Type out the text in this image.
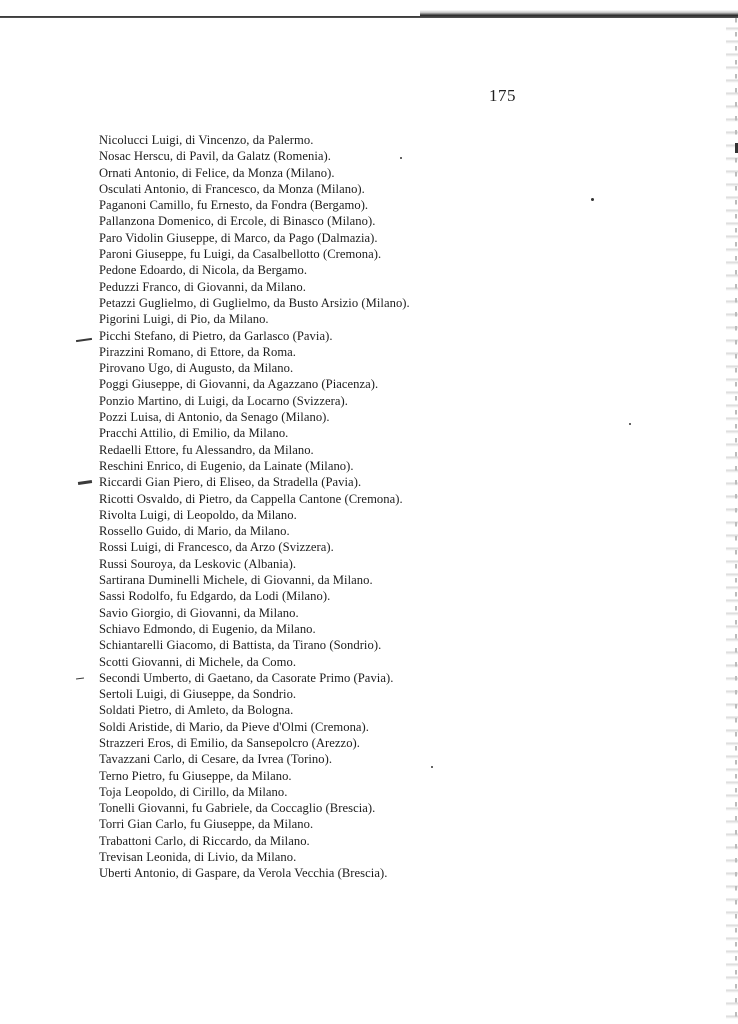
175
Nicolucci Luigi, di Vincenzo, da Palermo.
Nosac Herscu, di Pavil, da Galatz (Romenia).
Ornati Antonio, di Felice, da Monza (Milano).
Osculati Antonio, di Francesco, da Monza (Milano).
Paganoni Camillo, fu Ernesto, da Fondra (Bergamo).
Pallanzona Domenico, di Ercole, di Binasco (Milano).
Paro Vidolin Giuseppe, di Marco, da Pago (Dalmazia).
Paroni Giuseppe, fu Luigi, da Casalbellotto (Cremona).
Pedone Edoardo, di Nicola, da Bergamo.
Peduzzi Franco, di Giovanni, da Milano.
Petazzi Guglielmo, di Guglielmo, da Busto Arsizio (Milano).
Pigorini Luigi, di Pio, da Milano.
Picchi Stefano, di Pietro, da Garlasco (Pavia).
Pirazzini Romano, di Ettore, da Roma.
Pirovano Ugo, di Augusto, da Milano.
Poggi Giuseppe, di Giovanni, da Agazzano (Piacenza).
Ponzio Martino, di Luigi, da Locarno (Svizzera).
Pozzi Luisa, di Antonio, da Senago (Milano).
Pracchi Attilio, di Emilio, da Milano.
Redaelli Ettore, fu Alessandro, da Milano.
Reschini Enrico, di Eugenio, da Lainate (Milano).
Riccardi Gian Piero, di Eliseo, da Stradella (Pavia).
Ricotti Osvaldo, di Pietro, da Cappella Cantone (Cremona).
Rivolta Luigi, di Leopoldo, da Milano.
Rossello Guido, di Mario, da Milano.
Rossi Luigi, di Francesco, da Arzo (Svizzera).
Russi Souroya, da Leskovic (Albania).
Sartirana Duminelli Michele, di Giovanni, da Milano.
Sassi Rodolfo, fu Edgardo, da Lodi (Milano).
Savio Giorgio, di Giovanni, da Milano.
Schiavo Edmondo, di Eugenio, da Milano.
Schiantarelli Giacomo, di Battista, da Tirano (Sondrio).
Scotti Giovanni, di Michele, da Como.
Secondi Umberto, di Gaetano, da Casorate Primo (Pavia).
Sertoli Luigi, di Giuseppe, da Sondrio.
Soldati Pietro, di Amleto, da Bologna.
Soldi Aristide, di Mario, da Pieve d'Olmi (Cremona).
Strazzeri Eros, di Emilio, da Sansepolcro (Arezzo).
Tavazzani Carlo, di Cesare, da Ivrea (Torino).
Terno Pietro, fu Giuseppe, da Milano.
Toja Leopoldo, di Cirillo, da Milano.
Tonelli Giovanni, fu Gabriele, da Coccaglio (Brescia).
Torri Gian Carlo, fu Giuseppe, da Milano.
Trabattoni Carlo, di Riccardo, da Milano.
Trevisan Leonida, di Livio, da Milano.
Uberti Antonio, di Gaspare, da Verola Vecchia (Brescia).
